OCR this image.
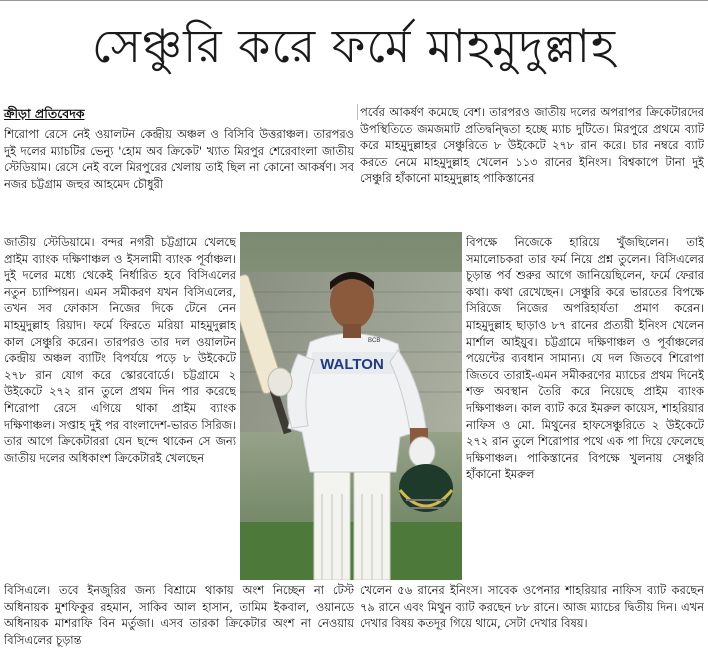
সেঞ্চুরি করে ফর্মে মাহমুদুল্লাহ
ক্রীড়া প্রতিবেদক	পর্বের আকর্ষণ কমেছে বেশ। তারপরও জাতীয় দলের অপরাপর ক্রিকেটারদের উপস্থিতিতে জমজমাট প্রতিদ্বন্দ্বিতা হচ্ছে ম্যাচ দুটিতে। মিরপুরে প্রথমে ব্যাট করে মাহমুদুল্লাহর সেঞ্চুরিতে ৮ উইকেটে ২৭৮ রান করে। চার নম্বরে ব্যাট করতে নেমে মাহমুদুল্লাহ খেলেন ১১৩ রানের ইনিংস। বিশ্বকাপে টানা দুই সেঞ্চুরি হাঁকানো মাহমুদুল্লাহ পাকিস্তানের

শিরোপা রেসে নেই ওয়ালটন কেন্দ্রীয় অঞ্চল ও বিসিবি উত্তরাঞ্চল। তারপরও দুই দলের ম্যাচটির ভেন্যু 'হোম অব ক্রিকেট' খ্যাত মিরপুর শেরেবাংলা জাতীয় স্টেডিয়াম। রেসে নেই বলে মিরপুরের খেলায় তাই ছিল না কোনো আকর্ষণ। সব নজর চট্টগ্রাম জহুর আহমেদ চৌধুরী

জাতীয় স্টেডিয়ামে। বন্দর নগরী চট্টগ্রামে খেলছে প্রাইম ব্যাংক দক্ষিণাঞ্চল ও ইসলামী ব্যাংক পূর্বাঞ্চল। দুই দলের মধ্যে থেকেই নির্ধারিত হবে বিসিএলের নতুন চ্যাম্পিয়ন। এমন সমীকরণ যখন বিসিএলের, তখন সব ফোকাস নিজের দিকে টেনে নেন মাহমুদুল্লাহ রিয়াদ। ফর্মে ফিরতে মরিয়া মাহমুদুল্লাহ কাল সেঞ্চুরি করেন। তারপরও তার দল ওয়ালটন কেন্দ্রীয় অঞ্চল ব্যাটিং বিপর্যয়ে পড়ে ৮ উইকেটে ২৭৮ রান যোগ করে স্কোরবোর্ডে। চট্টগ্রামে ২ উইকেটে ২৭২ রান তুলে প্রথম দিন পার করেছে শিরোপা রেসে এগিয়ে থাকা প্রাইম ব্যাংক দক্ষিণাঞ্চল। সপ্তাহ দুই পর বাংলাদেশ-ভারত সিরিজ। তার আগে ক্রিকেটাররা যেন ছন্দে থাকেন সে জন্য জাতীয় দলের অধিকাংশ ক্রিকেটারই খেলছেন

WALTON
BCB

বিপক্ষে নিজেকে হারিয়ে খুঁজছিলেন। তাই সমালোচকরা তার ফর্ম নিয়ে প্রশ্ন তুলেন। বিসিএলের চূড়ান্ত পর্ব শুরুর আগে জানিয়েছিলেন, ফর্মে ফেরার কথা। কথা রেখেছেন। সেঞ্চুরি করে ভারতের বিপক্ষে সিরিজে নিজের অপরিহার্যতা প্রমাণ করেন। মাহমুদুল্লাহ ছাড়াও ৮৭ রানের প্রত্যয়ী ইনিংস খেলেন মার্শাল আইয়ুব। চট্টগ্রামে দক্ষিণাঞ্চল ও পূর্বাঞ্চলের পয়েন্টের ব্যবধান সামান্য। যে দল জিতবে শিরোপা জিতবে তারাই-এমন সমীকরণের ম্যাচের প্রথম দিনেই শক্ত অবস্থান তৈরি করে নিয়েছে প্রাইম ব্যাংক দক্ষিণাঞ্চল। কাল ব্যাট করে ইমরুল কায়েস, শাহরিয়ার নাফিস ও মো. মিথুনের হাফসেঞ্চুরিতে ২ উইকেটে ২৭২ রান তুলে শিরোপার পথে এক পা দিয়ে ফেলেছে দক্ষিণাঞ্চল। পাকিস্তানের বিপক্ষে খুলনায় সেঞ্চুরি হাঁকানো ইমরুল

বিসিএলে। তবে ইনজুরির জন্য বিশ্রামে থাকায় অংশ নিচ্ছেন না টেস্ট অধিনায়ক মুশফিকুর রহমান, সাকিব আল হাসান, তামিম ইকবাল, ওয়ানডে অধিনায়ক মাশরাফি বিন মর্তুজা। এসব তারকা ক্রিকেটার অংশ না নেওয়ায় বিসিএলের চূড়ান্ত

খেলেন ৫৬ রানের ইনিংস। সাবেক ওপেনার শাহরিয়ার নাফিস ব্যাট করছেন ৭৯ রানে এবং মিথুন ব্যাট করছেন ৮৮ রানে। আজ ম্যাচের দ্বিতীয় দিন। এখন দেখার বিষয় কতদূর গিয়ে থামে, সেটা দেখার বিষয়।
